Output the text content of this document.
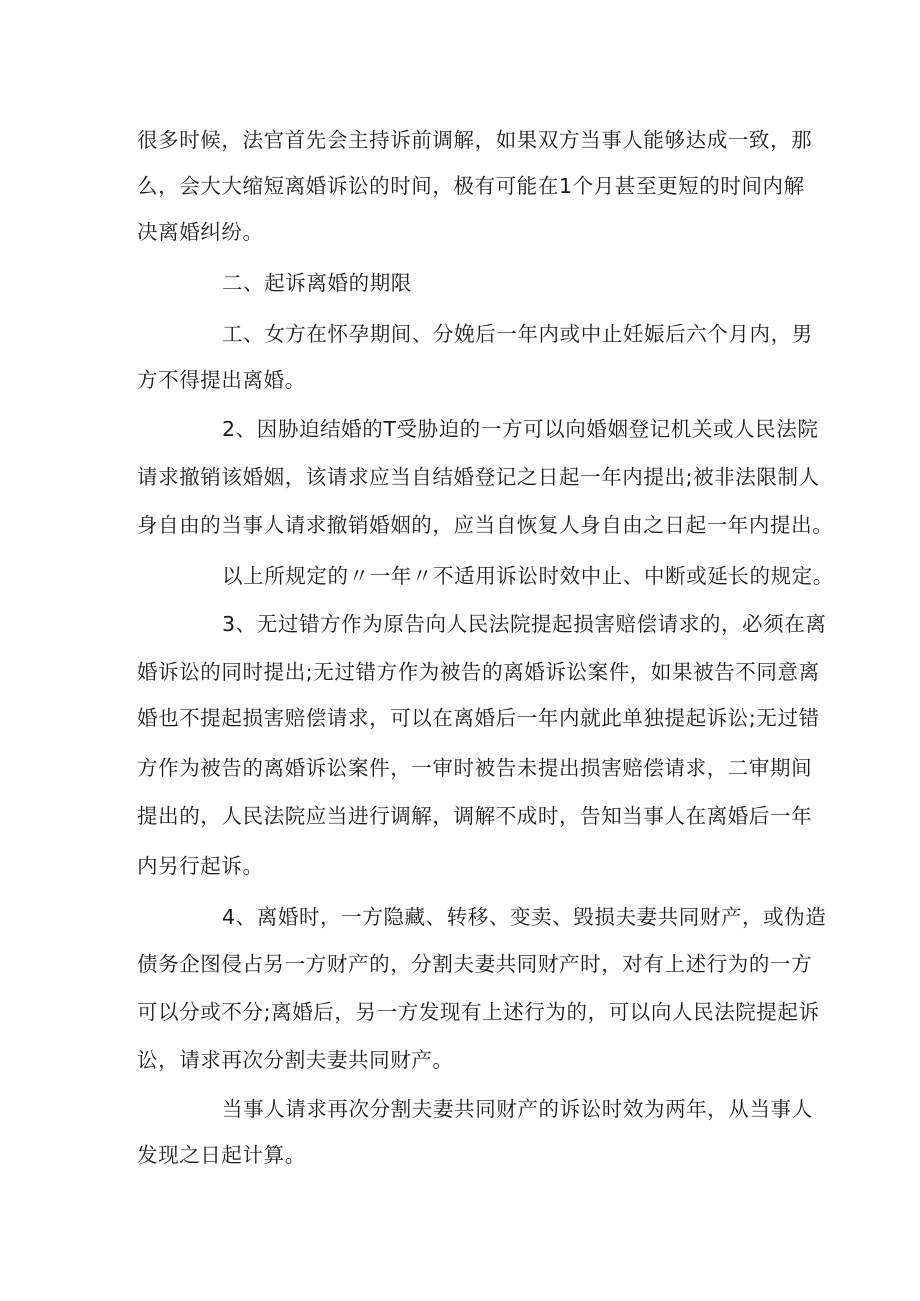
很多时候，法官首先会主持诉前调解，如果双方当事人能够达成一致，那

么，会大大缩短离婚诉讼的时间，极有可能在1个月甚至更短的时间内解

决离婚纠纷。

二、起诉离婚的期限

工、女方在怀孕期间、分娩后一年内或中止妊娠后六个月内，男

方不得提出离婚。

2、因胁迫结婚的T受胁迫的一方可以向婚姻登记机关或人民法院

请求撤销该婚姻，该请求应当自结婚登记之日起一年内提出;被非法限制人

身自由的当事人请求撤销婚姻的，应当自恢复人身自由之日起一年内提出。

以上所规定的〃一年〃不适用诉讼时效中止、中断或延长的规定。

3、无过错方作为原告向人民法院提起损害赔偿请求的，必须在离

婚诉讼的同时提出;无过错方作为被告的离婚诉讼案件，如果被告不同意离

婚也不提起损害赔偿请求，可以在离婚后一年内就此单独提起诉讼;无过错

方作为被告的离婚诉讼案件，一审时被告未提出损害赔偿请求，二审期间

提出的，人民法院应当进行调解，调解不成时，告知当事人在离婚后一年

内另行起诉。

4、离婚时，一方隐藏、转移、变卖、毁损夫妻共同财产，或伪造

债务企图侵占另一方财产的，分割夫妻共同财产时，对有上述行为的一方

可以分或不分;离婚后，另一方发现有上述行为的，可以向人民法院提起诉

讼，请求再次分割夫妻共同财产。

当事人请求再次分割夫妻共同财产的诉讼时效为两年，从当事人

发现之日起计算。
